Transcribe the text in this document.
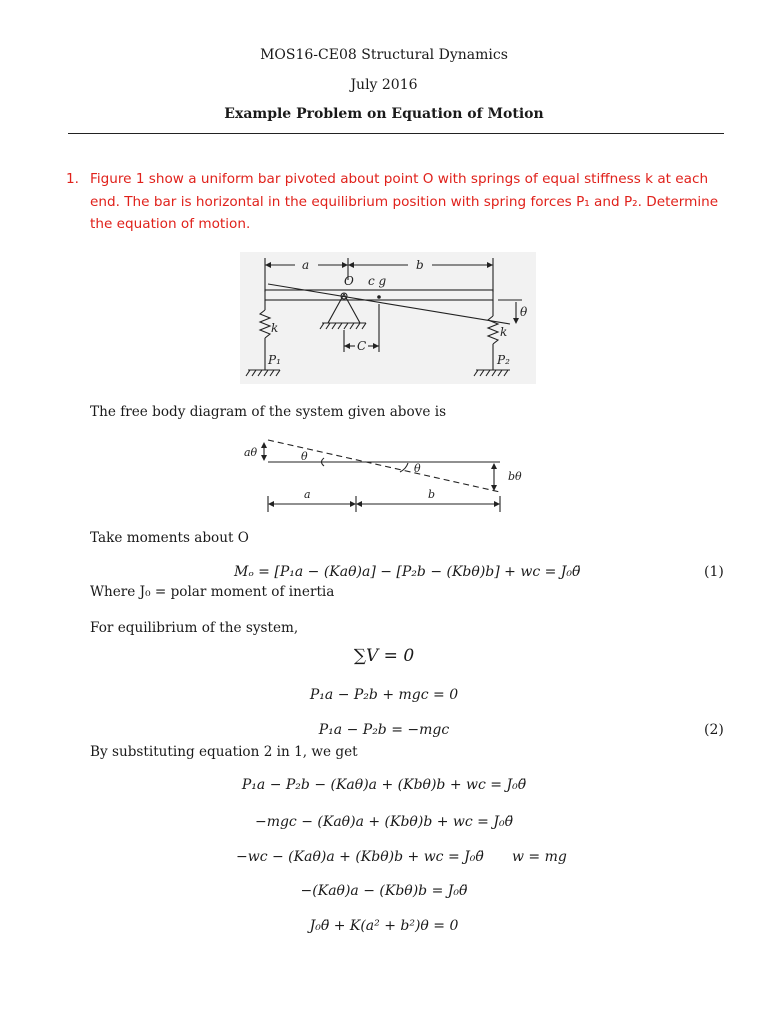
MOS16-CE08 Structural Dynamics
July 2016
Example Problem on Equation of Motion
1. Figure 1 show a uniform bar pivoted about point O with springs of equal stiffness k at each
end. The bar is horizontal in the equilibrium position with spring forces P₁ and P₂. Determine
the equation of motion.
a	b
O c g
θ
k	k
C
P₁	P₂
The free body diagram of the system given above is
aθ	θ
θ
bθ
a	b
Take moments about O
Mₒ = [P₁a − (Kaθ)a] − [P₂b − (Kbθ)b] + wc = J₀θ̈	(1)
Where J₀ = polar moment of inertia
For equilibrium of the system,
∑V = 0
P₁a − P₂b + mgc = 0
P₁a − P₂b = −mgc	(2)
By substituting equation 2 in 1, we get
P₁a − P₂b − (Kaθ)a + (Kbθ)b + wc = J₀θ̈
−mgc − (Kaθ)a + (Kbθ)b + wc = J₀θ̈
−wc − (Kaθ)a + (Kbθ)b + wc = J₀θ̈ w = mg
−(Kaθ)a − (Kbθ)b = J₀θ̈
J₀θ̈ + K(a² + b²)θ = 0
